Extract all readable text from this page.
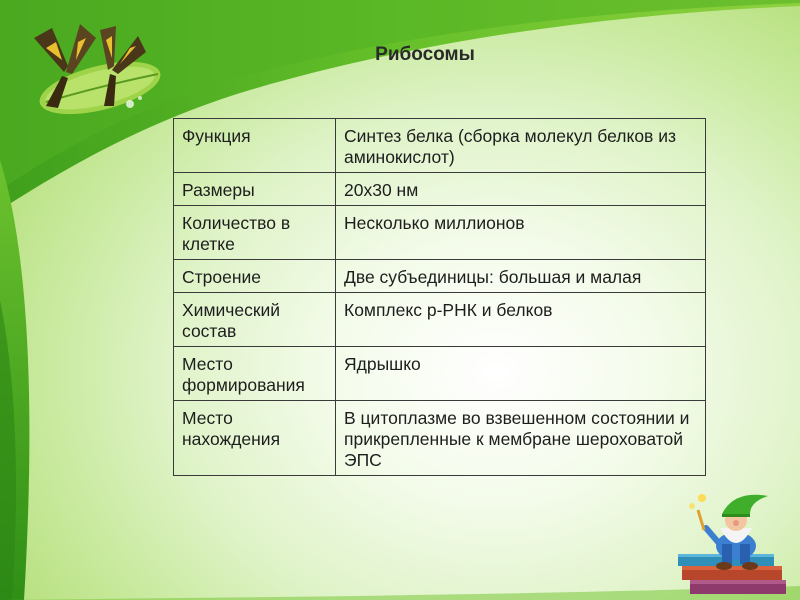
Рибосомы
Функция	Синтез белка (сборка молекул белков из аминокислот)
Размеры	20х30 нм
Количество в клетке	Несколько миллионов
Строение	Две субъединицы: большая и малая
Химический состав	Комплекс р-РНК и белков
Место формирования	Ядрышко
Место нахождения	В цитоплазме во взвешенном состоянии и прикрепленные к мембране шероховатой ЭПС
